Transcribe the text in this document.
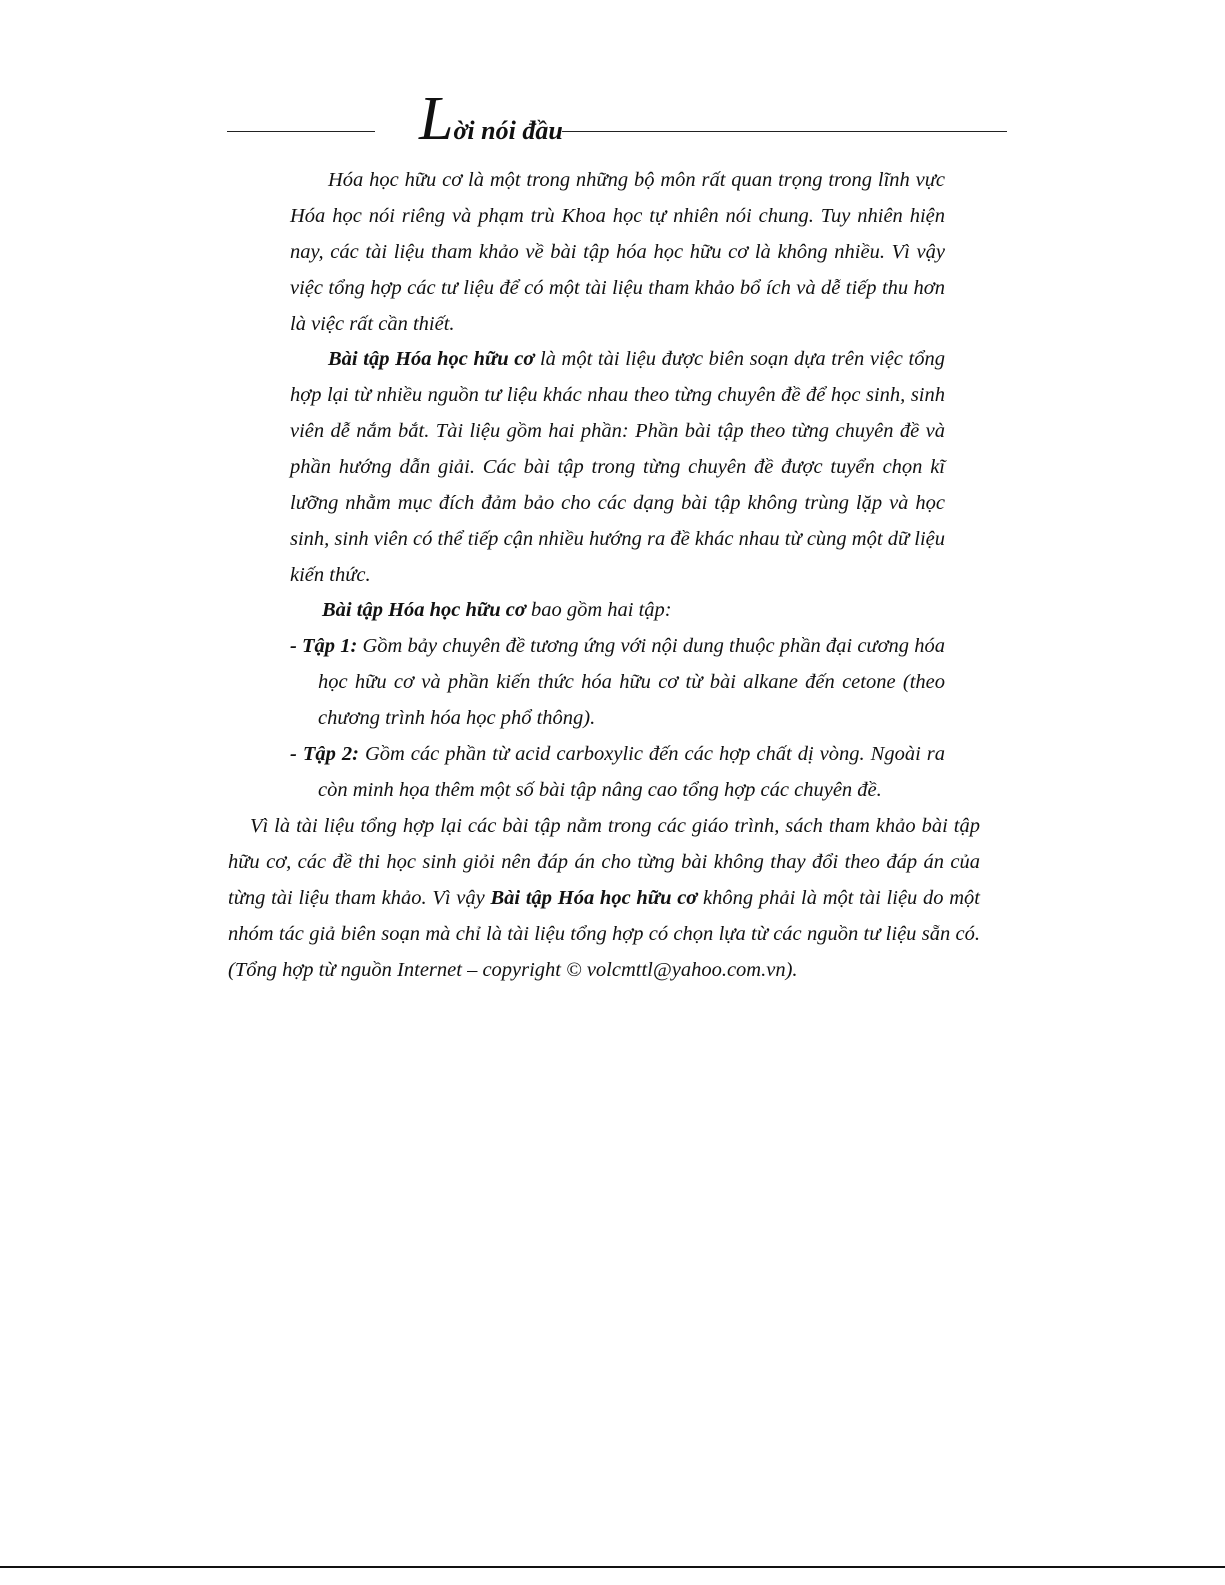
Lời nói đầu

Hóa học hữu cơ là một trong những bộ môn rất quan trọng trong lĩnh vực Hóa học nói riêng và phạm trù Khoa học tự nhiên nói chung. Tuy nhiên hiện nay, các tài liệu tham khảo về bài tập hóa học hữu cơ là không nhiều. Vì vậy việc tổng hợp các tư liệu để có một tài liệu tham khảo bổ ích và dễ tiếp thu hơn là việc rất cần thiết.

Bài tập Hóa học hữu cơ là một tài liệu được biên soạn dựa trên việc tổng hợp lại từ nhiều nguồn tư liệu khác nhau theo từng chuyên đề để học sinh, sinh viên dễ nắm bắt. Tài liệu gồm hai phần: Phần bài tập theo từng chuyên đề và phần hướng dẫn giải. Các bài tập trong từng chuyên đề được tuyển chọn kĩ lưỡng nhằm mục đích đảm bảo cho các dạng bài tập không trùng lặp và học sinh, sinh viên có thể tiếp cận nhiều hướng ra đề khác nhau từ cùng một dữ liệu kiến thức.

Bài tập Hóa học hữu cơ bao gồm hai tập:

- Tập 1: Gồm bảy chuyên đề tương ứng với nội dung thuộc phần đại cương hóa học hữu cơ và phần kiến thức hóa hữu cơ từ bài alkane đến cetone (theo chương trình hóa học phổ thông).
- Tập 2: Gồm các phần từ acid carboxylic đến các hợp chất dị vòng. Ngoài ra còn minh họa thêm một số bài tập nâng cao tổng hợp các chuyên đề.

Vì là tài liệu tổng hợp lại các bài tập nằm trong các giáo trình, sách tham khảo bài tập hữu cơ, các đề thi học sinh giỏi nên đáp án cho từng bài không thay đổi theo đáp án của từng tài liệu tham khảo. Vì vậy Bài tập Hóa học hữu cơ không phải là một tài liệu do một nhóm tác giả biên soạn mà chỉ là tài liệu tổng hợp có chọn lựa từ các nguồn tư liệu sẵn có. (Tổng hợp từ nguồn Internet – copyright © volcmttl@yahoo.com.vn).
